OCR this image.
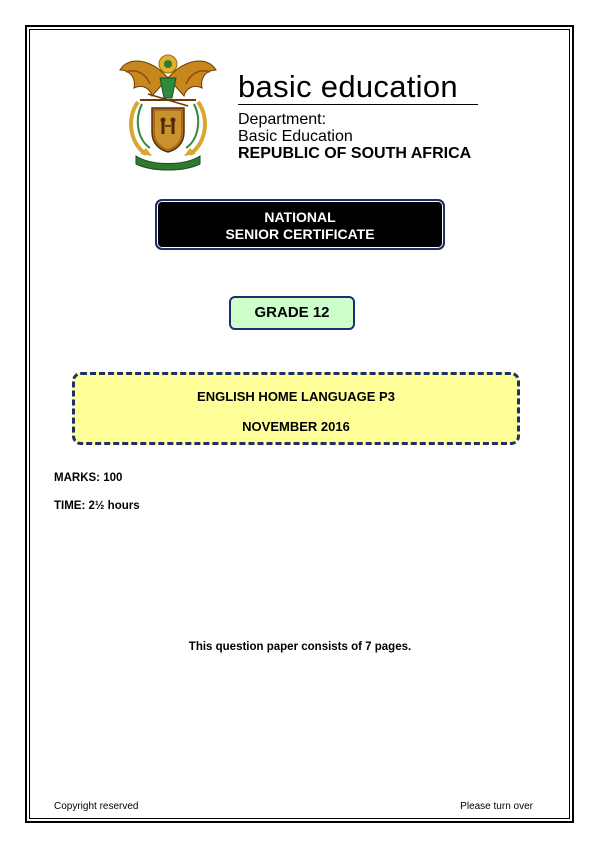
basic education
Department:
Basic Education
REPUBLIC OF SOUTH AFRICA
NATIONAL
SENIOR CERTIFICATE
GRADE 12
ENGLISH HOME LANGUAGE P3
NOVEMBER 2016
MARKS: 100
TIME: 2½ hours
This question paper consists of 7 pages.
Copyright reserved	Please turn over
